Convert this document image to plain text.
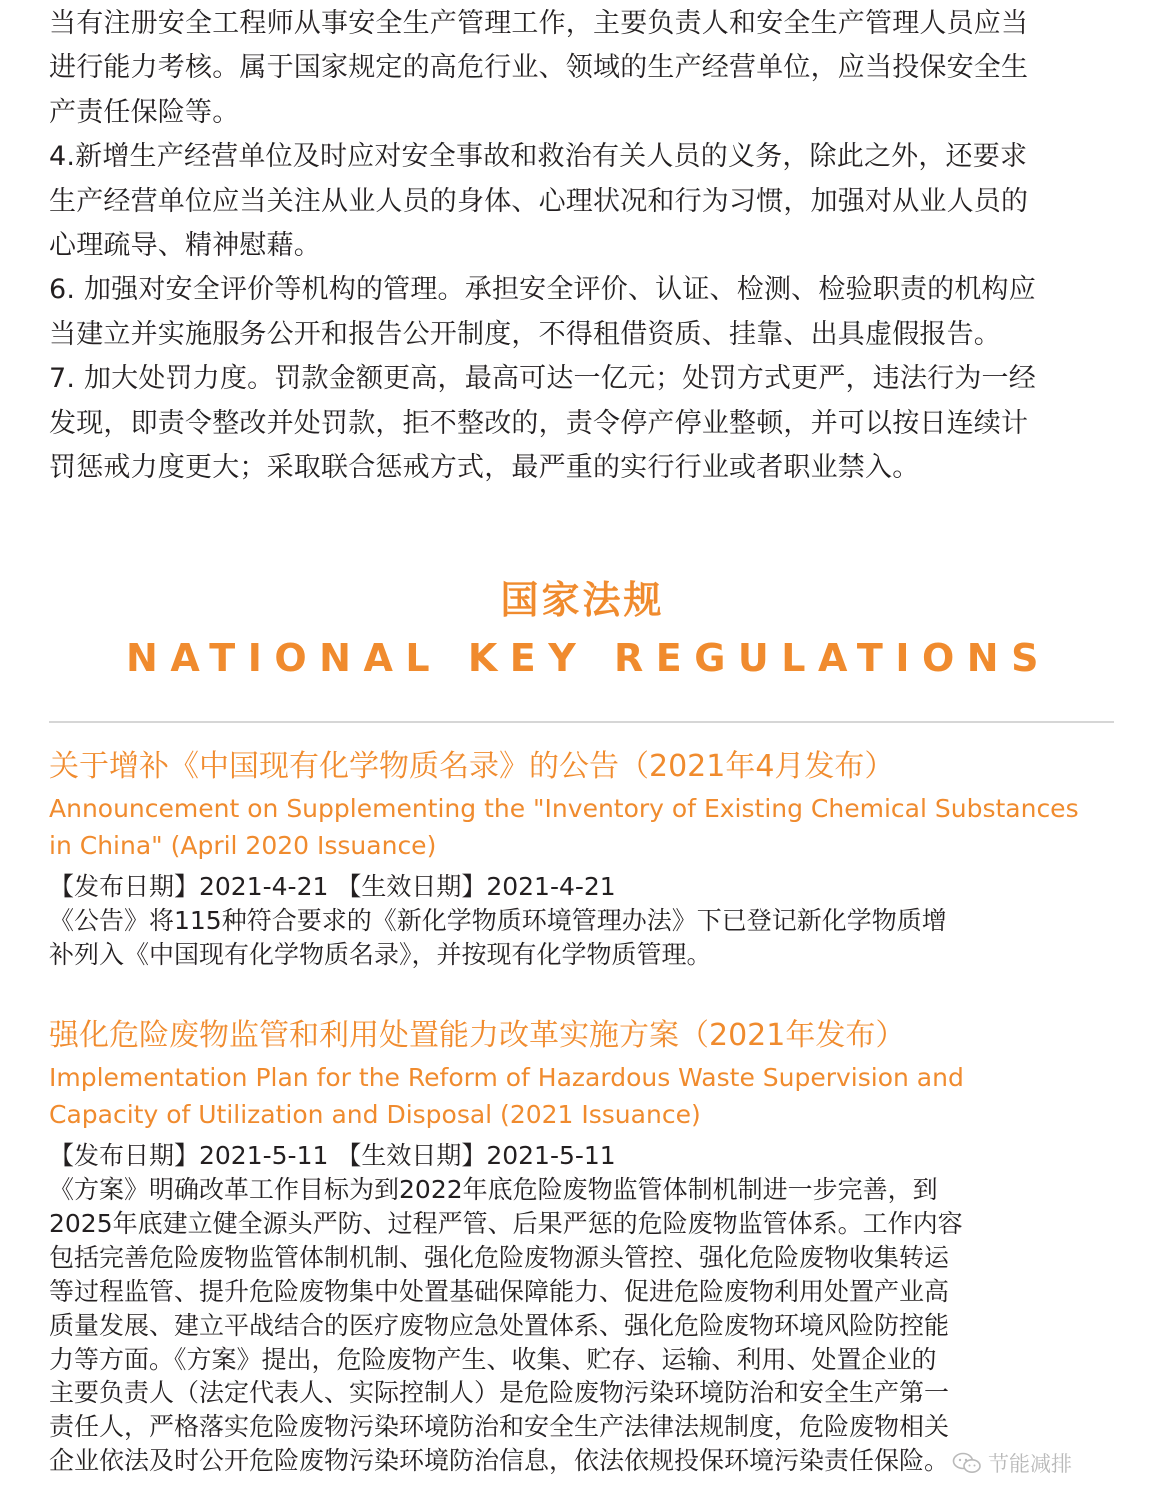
当有注册安全工程师从事安全生产管理工作，主要负责人和安全生产管理人员应当

进行能力考核。属于国家规定的高危行业、领域的生产经营单位，应当投保安全生

产责任保险等。

4.新增生产经营单位及时应对安全事故和救治有关人员的义务，除此之外，还要求

生产经营单位应当关注从业人员的身体、心理状况和行为习惯，加强对从业人员的

心理疏导、精神慰藉。

6. 加强对安全评价等机构的管理。承担安全评价、认证、检测、检验职责的机构应

当建立并实施服务公开和报告公开制度，不得租借资质、挂靠、出具虚假报告。

7. 加大处罚力度。罚款金额更高，最高可达一亿元；处罚方式更严，违法行为一经

发现，即责令整改并处罚款，拒不整改的，责令停产停业整顿，并可以按日连续计

罚惩戒力度更大；采取联合惩戒方式，最严重的实行行业或者职业禁入。

国家法规
NATIONAL KEY REGULATIONS
关于增补《中国现有化学物质名录》的公告（2021年4月发布）
Announcement on Supplementing the "Inventory of Existing Chemical Substances
in China" (April 2020 Issuance)
【发布日期】2021-4-21 【生效日期】2021-4-21

《公告》将115种符合要求的《新化学物质环境管理办法》下已登记新化学物质增

补列入《中国现有化学物质名录》，并按现有化学物质管理。

强化危险废物监管和利用处置能力改革实施方案（2021年发布）
Implementation Plan for the Reform of Hazardous Waste Supervision and
Capacity of Utilization and Disposal (2021 Issuance)
【发布日期】2021-5-11 【生效日期】2021-5-11

《方案》明确改革工作目标为到2022年底危险废物监管体制机制进一步完善，到

2025年底建立健全源头严防、过程严管、后果严惩的危险废物监管体系。工作内容

包括完善危险废物监管体制机制、强化危险废物源头管控、强化危险废物收集转运

等过程监管、提升危险废物集中处置基础保障能力、促进危险废物利用处置产业高

质量发展、建立平战结合的医疗废物应急处置体系、强化危险废物环境风险防控能

力等方面。《方案》提出，危险废物产生、收集、贮存、运输、利用、处置企业的

主要负责人（法定代表人、实际控制人）是危险废物污染环境防治和安全生产第一

责任人，严格落实危险废物污染环境防治和安全生产法律法规制度，危险废物相关

企业依法及时公开危险废物污染环境防治信息，依法依规投保环境污染责任保险。	节能减排
